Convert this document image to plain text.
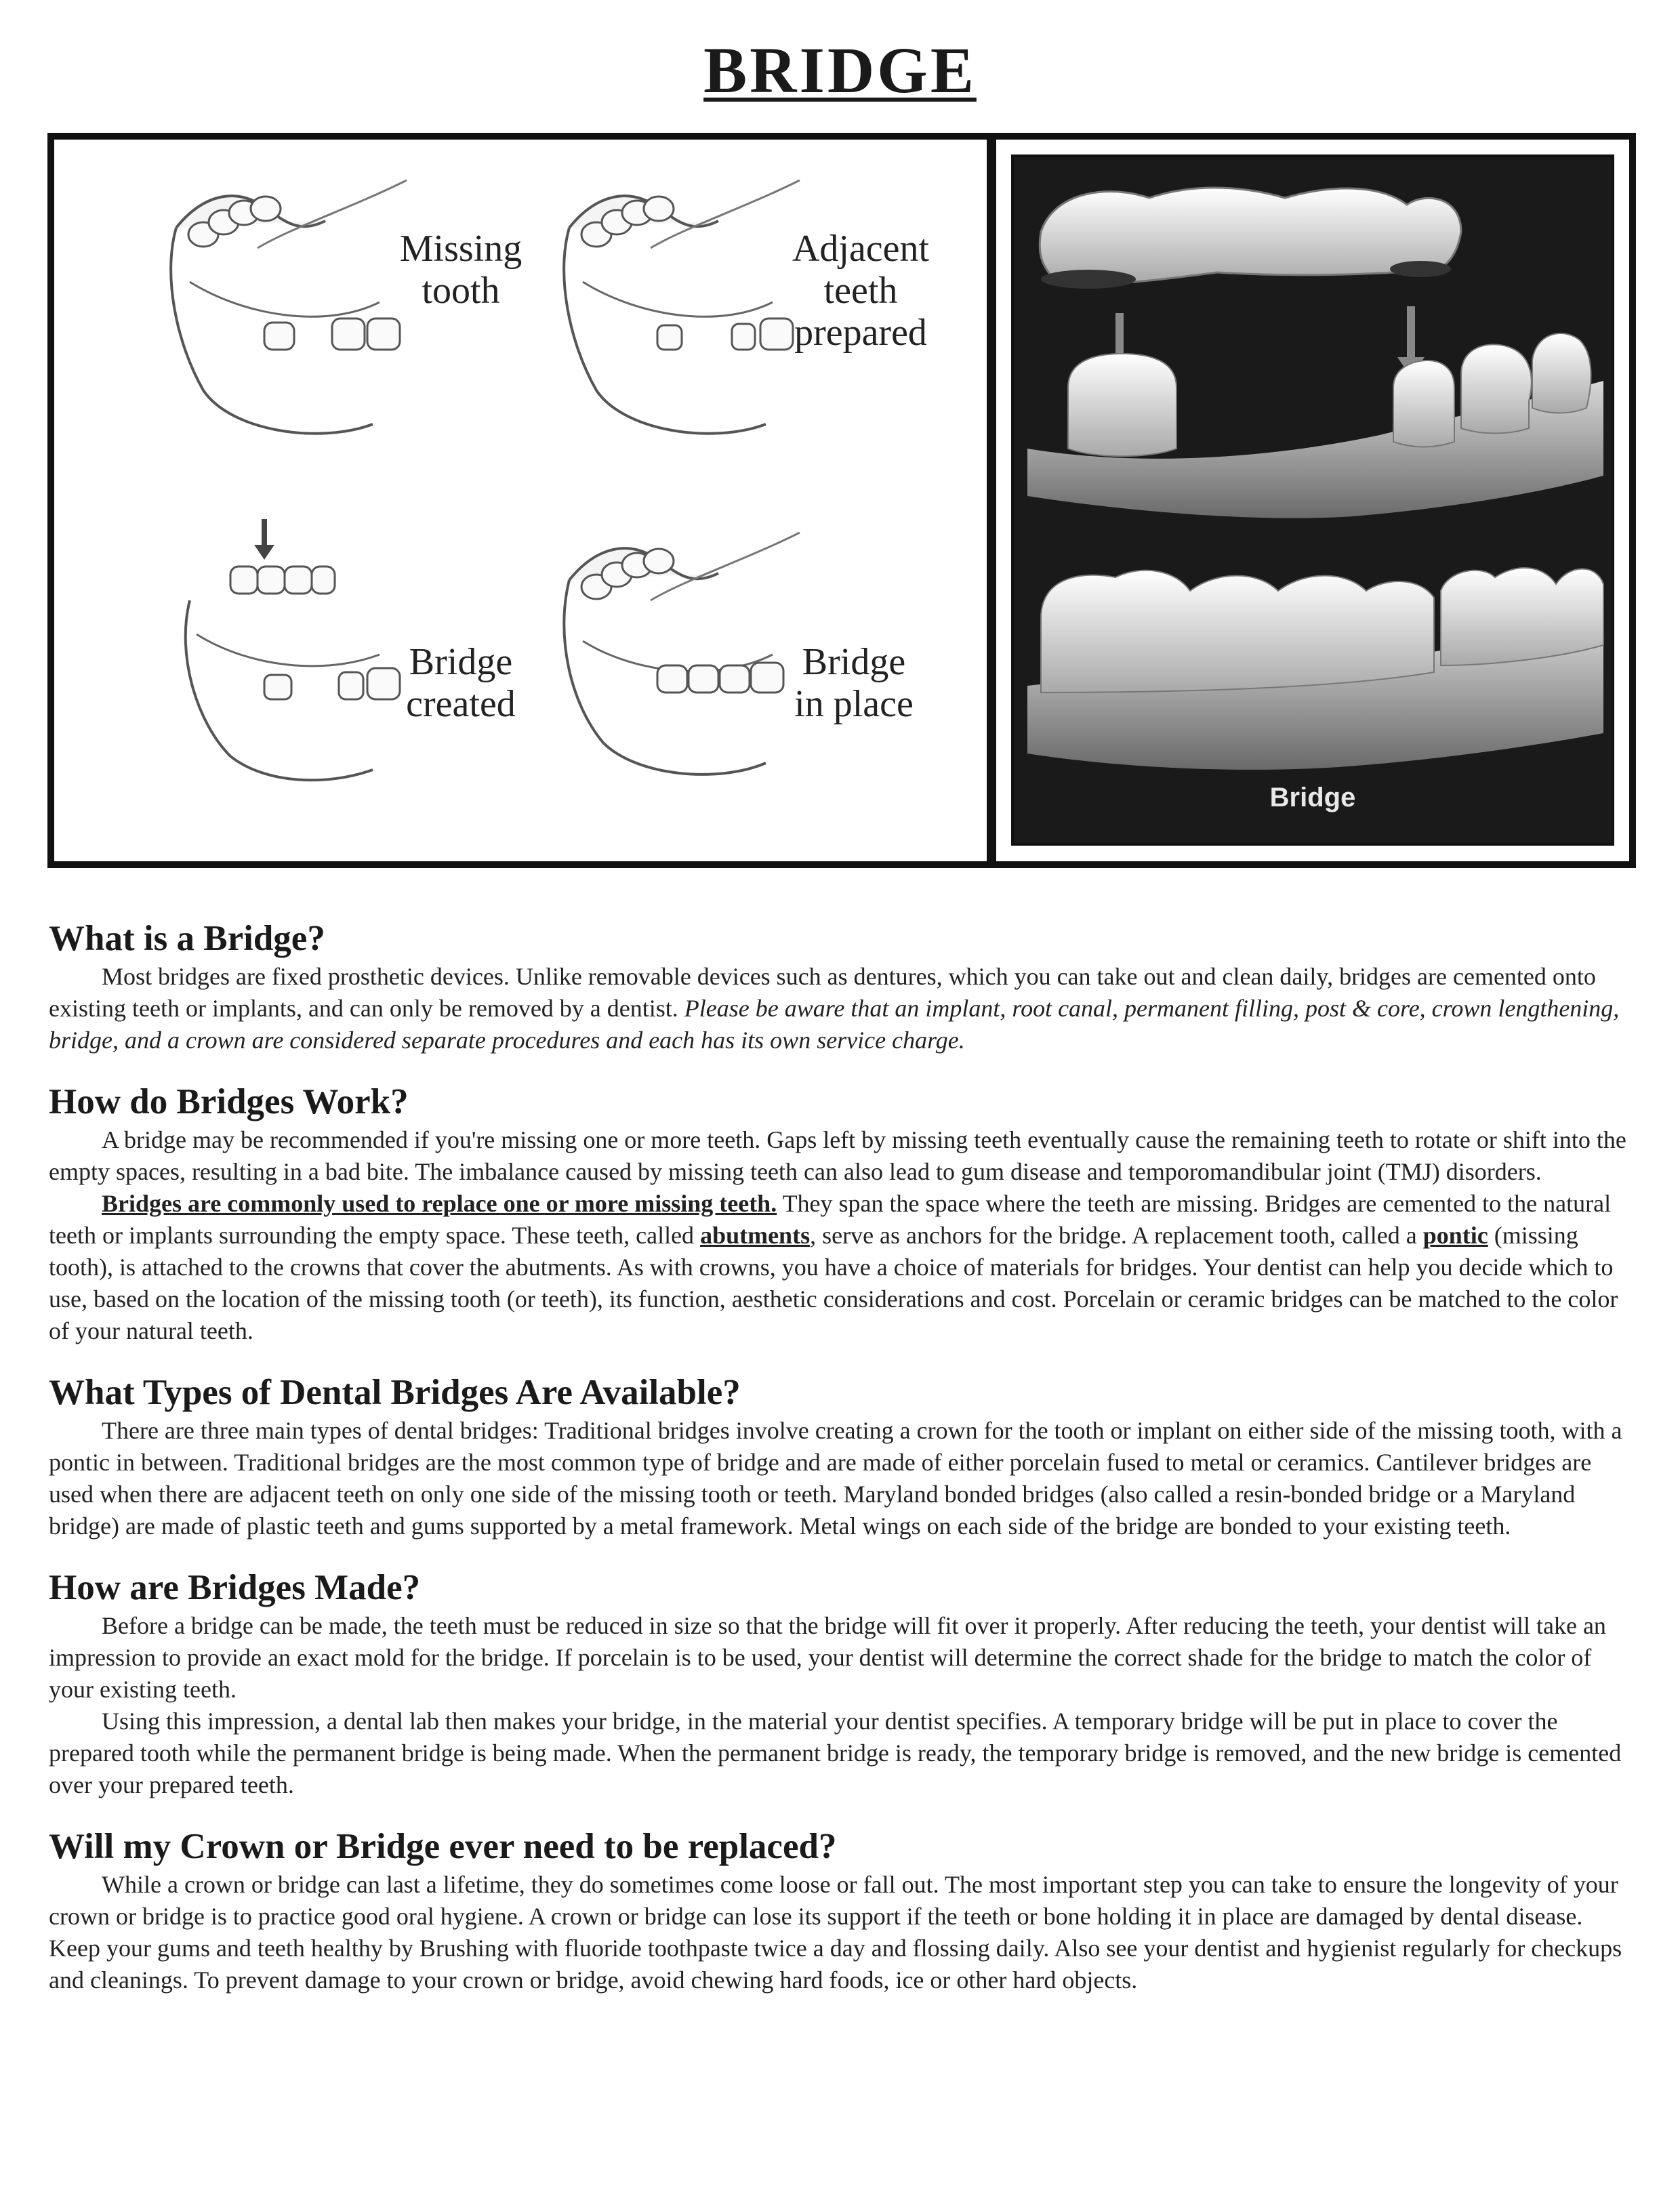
BRIDGE
Missing tooth
Adjacent teeth prepared
Bridge created
Bridge in place
Bridge
What is a Bridge?

Most bridges are fixed prosthetic devices. Unlike removable devices such as dentures, which you can take out and clean daily, bridges are cemented onto existing teeth or implants, and can only be removed by a dentist. Please be aware that an implant, root canal, permanent filling, post & core, crown lengthening, bridge, and a crown are considered separate procedures and each has its own service charge.

How do Bridges Work?

A bridge may be recommended if you're missing one or more teeth. Gaps left by missing teeth eventually cause the remaining teeth to rotate or shift into the empty spaces, resulting in a bad bite. The imbalance caused by missing teeth can also lead to gum disease and temporomandibular joint (TMJ) disorders.

Bridges are commonly used to replace one or more missing teeth. They span the space where the teeth are missing. Bridges are cemented to the natural teeth or implants surrounding the empty space. These teeth, called abutments, serve as anchors for the bridge. A replacement tooth, called a pontic (missing tooth), is attached to the crowns that cover the abutments. As with crowns, you have a choice of materials for bridges. Your dentist can help you decide which to use, based on the location of the missing tooth (or teeth), its function, aesthetic considerations and cost. Porcelain or ceramic bridges can be matched to the color of your natural teeth.

What Types of Dental Bridges Are Available?

There are three main types of dental bridges: Traditional bridges involve creating a crown for the tooth or implant on either side of the missing tooth, with a pontic in between. Traditional bridges are the most common type of bridge and are made of either porcelain fused to metal or ceramics. Cantilever bridges are used when there are adjacent teeth on only one side of the missing tooth or teeth. Maryland bonded bridges (also called a resin-bonded bridge or a Maryland bridge) are made of plastic teeth and gums supported by a metal framework. Metal wings on each side of the bridge are bonded to your existing teeth.

How are Bridges Made?

Before a bridge can be made, the teeth must be reduced in size so that the bridge will fit over it properly. After reducing the teeth, your dentist will take an impression to provide an exact mold for the bridge. If porcelain is to be used, your dentist will determine the correct shade for the bridge to match the color of your existing teeth.

Using this impression, a dental lab then makes your bridge, in the material your dentist specifies. A temporary bridge will be put in place to cover the prepared tooth while the permanent bridge is being made. When the permanent bridge is ready, the temporary bridge is removed, and the new bridge is cemented over your prepared teeth.

Will my Crown or Bridge ever need to be replaced?

While a crown or bridge can last a lifetime, they do sometimes come loose or fall out. The most important step you can take to ensure the longevity of your crown or bridge is to practice good oral hygiene. A crown or bridge can lose its support if the teeth or bone holding it in place are damaged by dental disease. Keep your gums and teeth healthy by Brushing with fluoride toothpaste twice a day and flossing daily. Also see your dentist and hygienist regularly for checkups and cleanings. To prevent damage to your crown or bridge, avoid chewing hard foods, ice or other hard objects.
